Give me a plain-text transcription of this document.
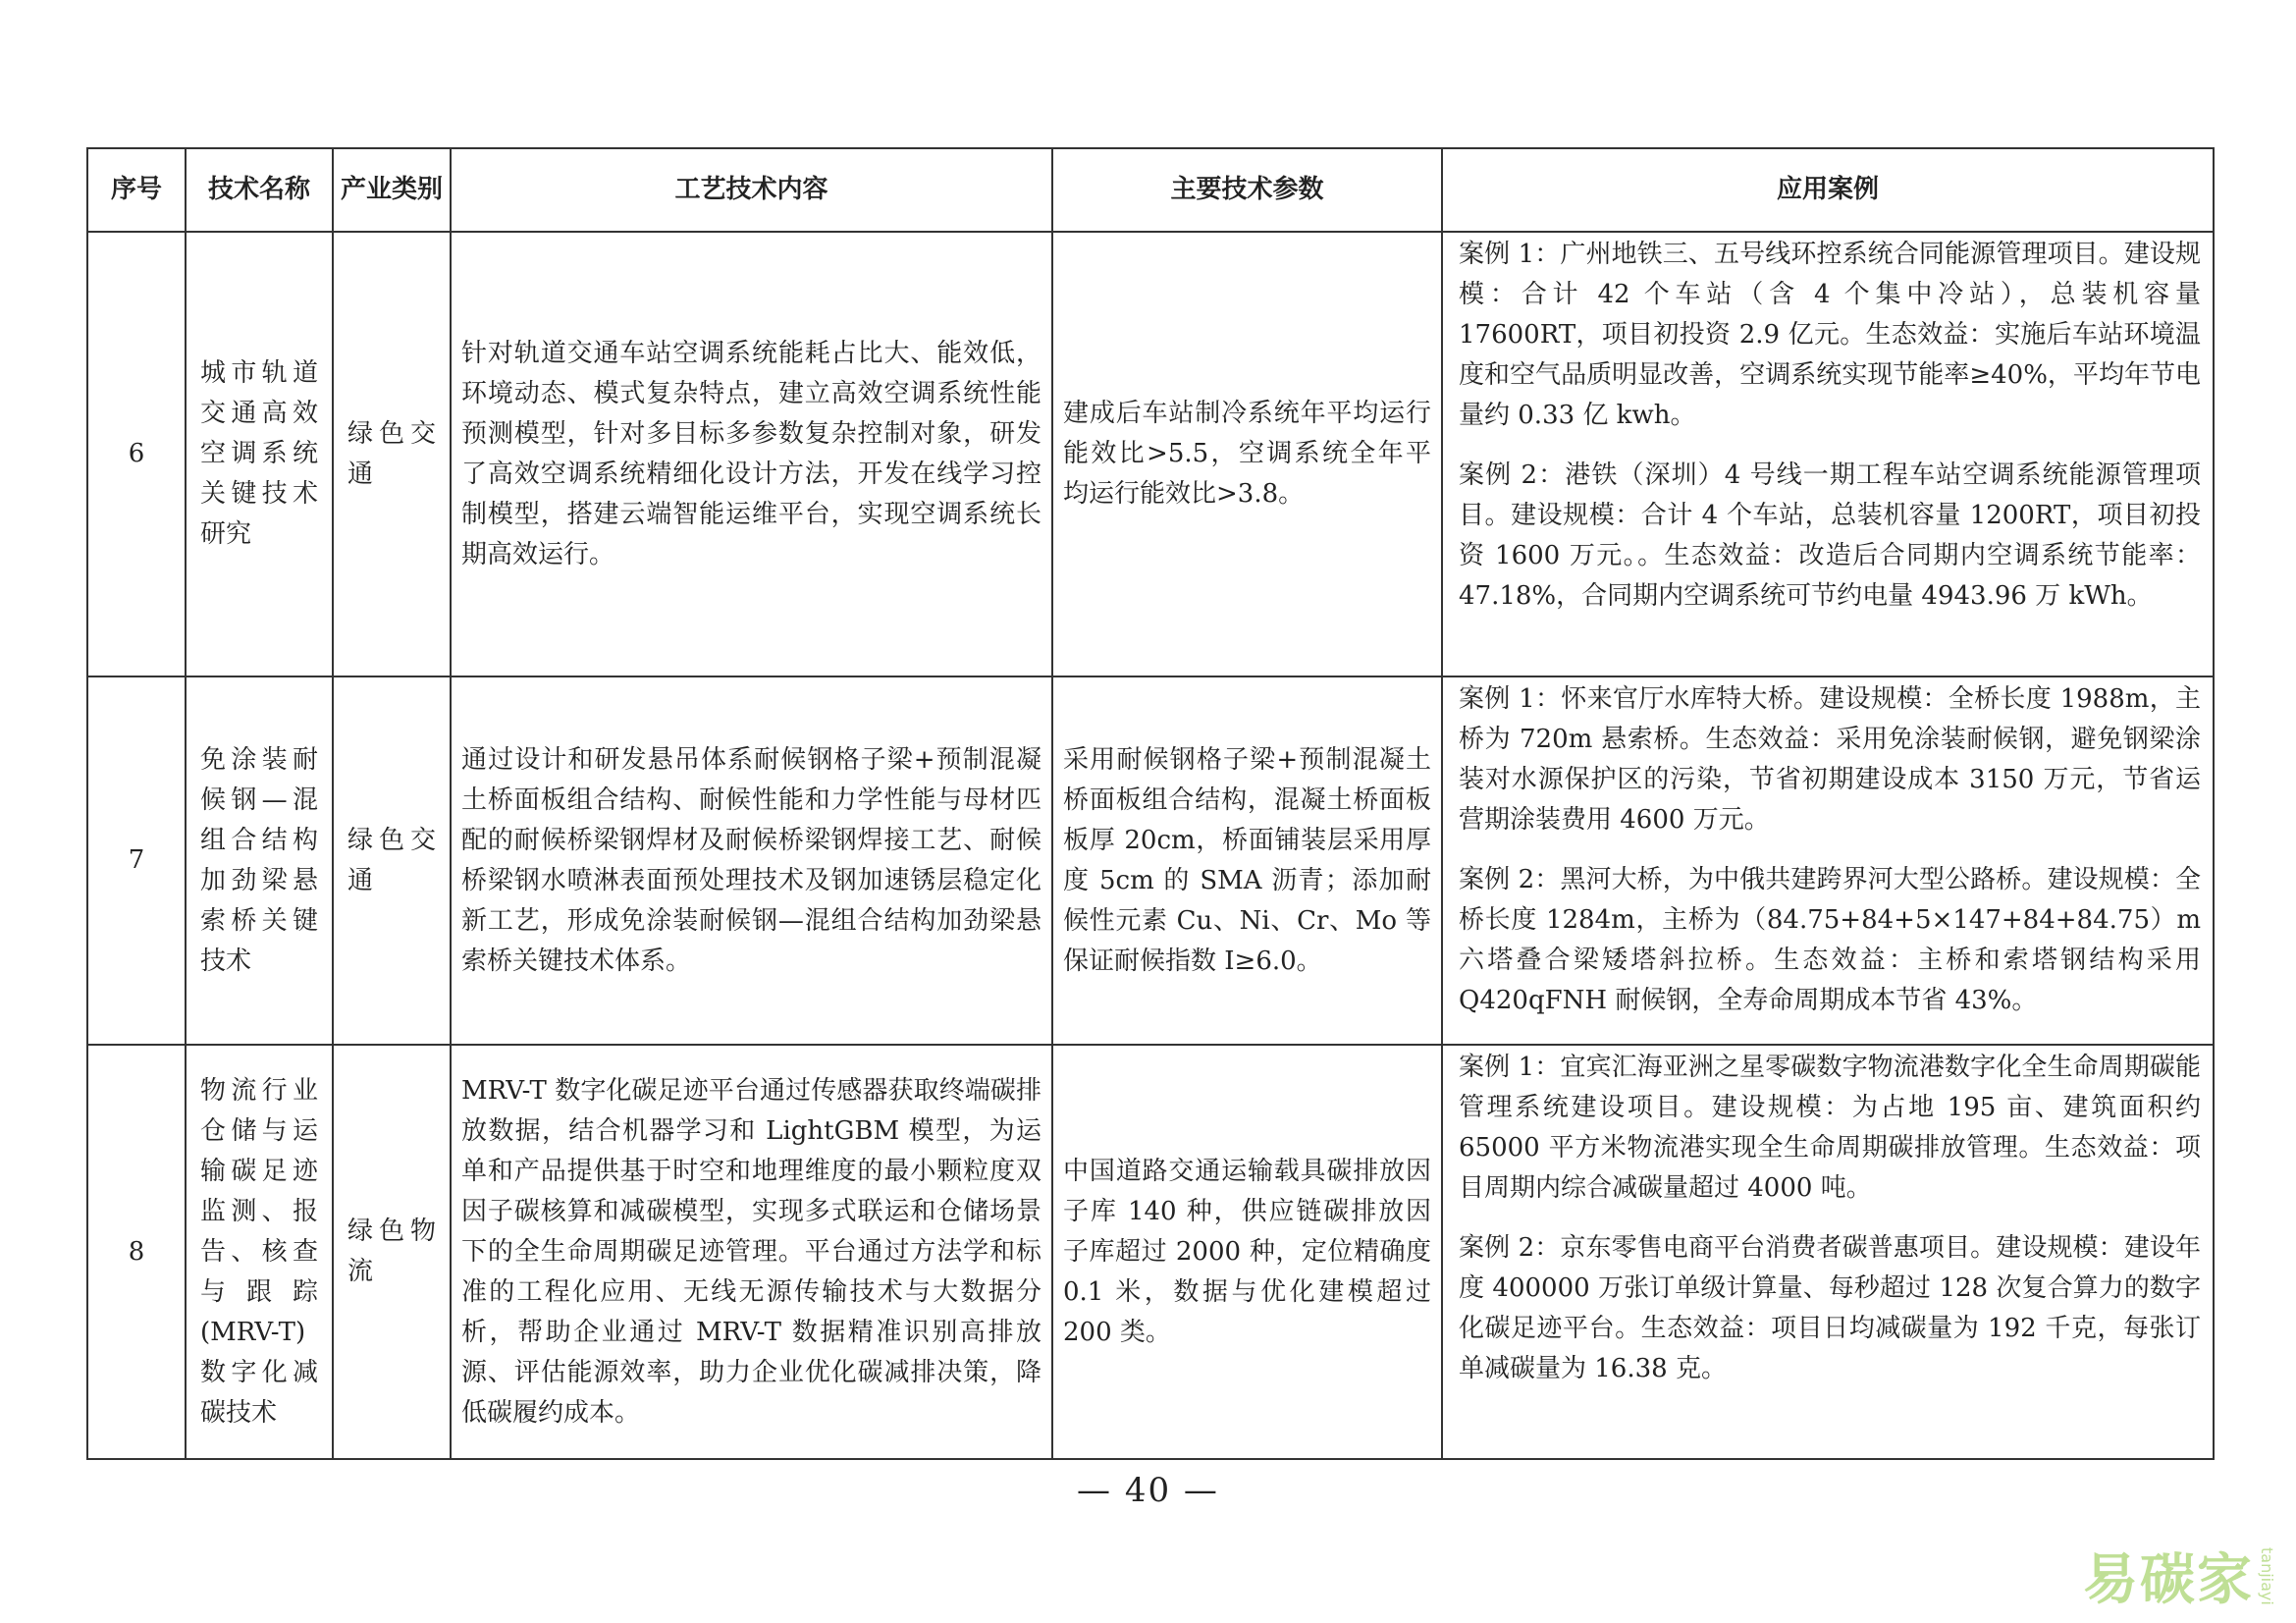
序号	技术名称	产业类别	工艺技术内容	主要技术参数	应用案例
6	城市轨道交通高效空调系统关键技术研究	绿色交通	针对轨道交通车站空调系统能耗占比大、能效低，环境动态、模式复杂特点，建立高效空调系统性能预测模型，针对多目标多参数复杂控制对象，研发了高效空调系统精细化设计方法，开发在线学习控制模型，搭建云端智能运维平台，实现空调系统长期高效运行。	建成后车站制冷系统年平均运行能效比>5.5，空调系统全年平均运行能效比>3.8。	案例 1：广州地铁三、五号线环控系统合同能源管理项目。建设规模：合计 42 个车站（含 4 个集中冷站），总装机容量 17600RT，项目初投资 2.9 亿元。生态效益：实施后车站环境温度和空气品质明显改善，空调系统实现节能率≥40%，平均年节电量约 0.33 亿 kwh。
案例 2：港铁（深圳）4 号线一期工程车站空调系统能源管理项目。建设规模：合计 4 个车站，总装机容量 1200RT，项目初投资 1600 万元。。生态效益：改造后合同期内空调系统节能率：47.18%，合同期内空调系统可节约电量 4943.96 万 kWh。

7	免涂装耐候钢—混组合结构加劲梁悬索桥关键技术	绿色交通	通过设计和研发悬吊体系耐候钢格子梁+预制混凝土桥面板组合结构、耐候性能和力学性能与母材匹配的耐候桥梁钢焊材及耐候桥梁钢焊接工艺、耐候桥梁钢水喷淋表面预处理技术及钢加速锈层稳定化新工艺，形成免涂装耐候钢—混组合结构加劲梁悬索桥关键技术体系。	采用耐候钢格子梁+预制混凝土桥面板组合结构，混凝土桥面板板厚 20cm，桥面铺装层采用厚度 5cm 的 SMA 沥青；添加耐候性元素 Cu、Ni、Cr、Mo 等保证耐候指数 I≥6.0。	案例 1：怀来官厅水库特大桥。建设规模：全桥长度 1988m，主桥为 720m 悬索桥。生态效益：采用免涂装耐候钢，避免钢梁涂装对水源保护区的污染，节省初期建设成本 3150 万元，节省运营期涂装费用 4600 万元。
案例 2：黑河大桥，为中俄共建跨界河大型公路桥。建设规模：全桥长度 1284m，主桥为（84.75+84+5×147+84+84.75）m 六塔叠合梁矮塔斜拉桥。生态效益：主桥和索塔钢结构采用 Q420qFNH 耐候钢，全寿命周期成本节省 43%。

8	物流行业仓储与运输碳足迹监测、报告、核查与跟踪(MRV-T)数字化减碳技术	绿色物流	MRV-T 数字化碳足迹平台通过传感器获取终端碳排放数据，结合机器学习和 LightGBM 模型，为运单和产品提供基于时空和地理维度的最小颗粒度双因子碳核算和减碳模型，实现多式联运和仓储场景下的全生命周期碳足迹管理。平台通过方法学和标准的工程化应用、无线无源传输技术与大数据分析，帮助企业通过 MRV-T 数据精准识别高排放源、评估能源效率，助力企业优化碳减排决策，降低碳履约成本。	中国道路交通运输载具碳排放因子库 140 种，供应链碳排放因子库超过 2000 种，定位精确度 0.1 米，数据与优化建模超过 200 类。	案例 1：宜宾汇海亚洲之星零碳数字物流港数字化全生命周期碳能管理系统建设项目。建设规模：为占地 195 亩、建筑面积约 65000 平方米物流港实现全生命周期碳排放管理。生态效益：项目周期内综合减碳量超过 4000 吨。
案例 2：京东零售电商平台消费者碳普惠项目。建设规模：建设年度 400000 万张订单级计算量、每秒超过 128 次复合算力的数字化碳足迹平台。生态效益：项目日均减碳量为 192 千克，每张订单减碳量为 16.38 克。
— 40 —
易碳家 tanjiayi
